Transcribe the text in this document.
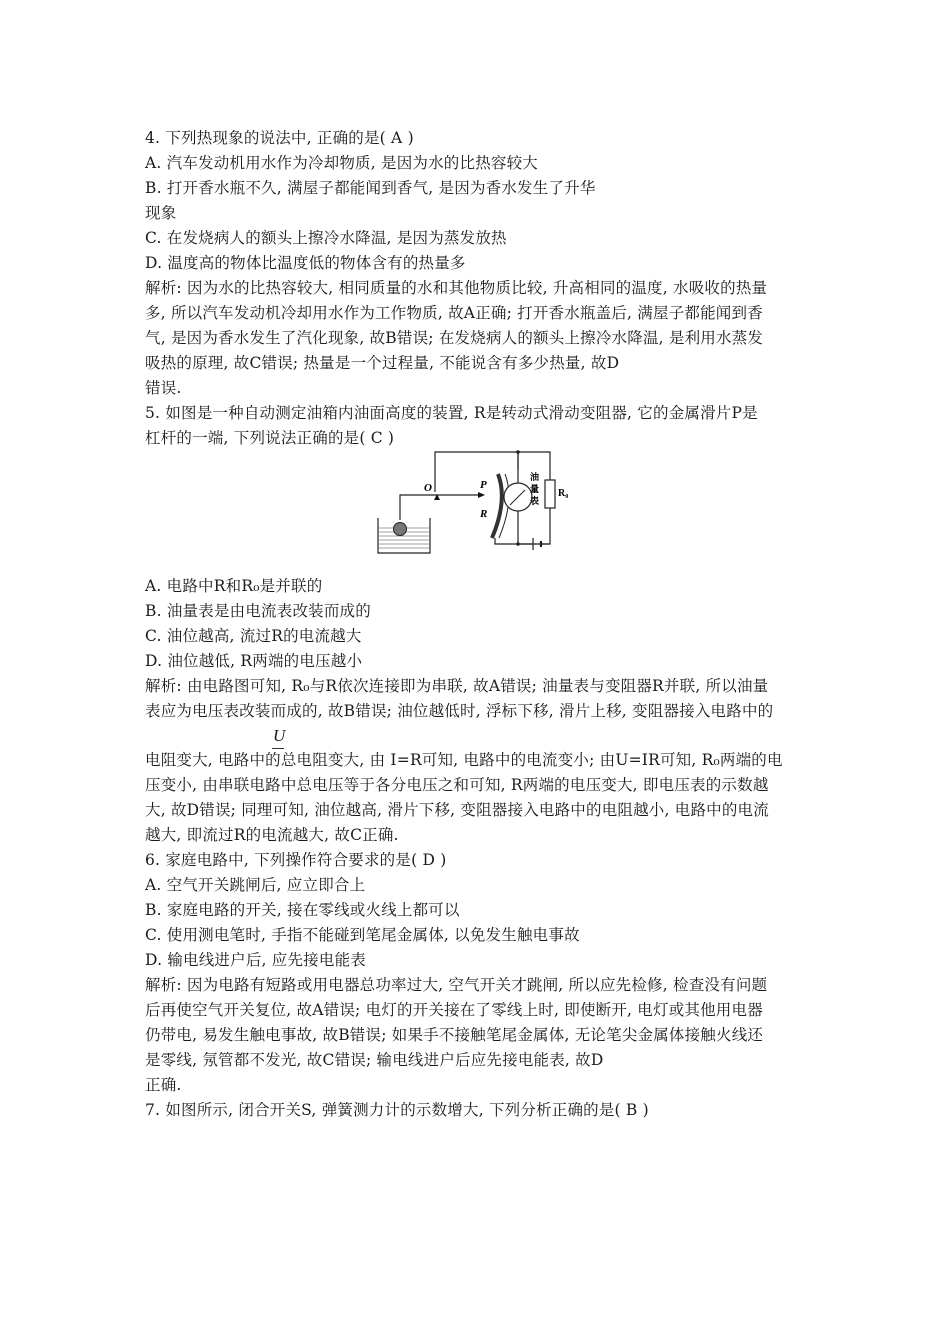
4. 下列热现象的说法中, 正确的是( A )
A. 汽车发动机用水作为冷却物质, 是因为水的比热容较大
B. 打开香水瓶不久, 满屋子都能闻到香气, 是因为香水发生了升华
现象
C. 在发烧病人的额头上擦冷水降温, 是因为蒸发放热
D. 温度高的物体比温度低的物体含有的热量多
解析: 因为水的比热容较大, 相同质量的水和其他物质比较, 升高相同的温度, 水吸收的热量
多, 所以汽车发动机冷却用水作为工作物质, 故A正确; 打开香水瓶盖后, 满屋子都能闻到香
气, 是因为香水发生了汽化现象, 故B错误; 在发烧病人的额头上擦冷水降温, 是利用水蒸发
吸热的原理, 故C错误; 热量是一个过程量, 不能说含有多少热量, 故D
错误.
5. 如图是一种自动测定油箱内油面高度的装置, R是转动式滑动变阻器, 它的金属滑片P是
杠杆的一端, 下列说法正确的是( C )
O	P
R
R₀
油
量
表
A. 电路中R和R₀是并联的
B. 油量表是由电流表改装而成的
C. 油位越高, 流过R的电流越大
D. 油位越低, R两端的电压越小
解析: 由电路图可知, R₀与R依次连接即为串联, 故A错误; 油量表与变阻器R并联, 所以油量
表应为电压表改装而成的, 故B错误; 油位越低时, 浮标下移, 滑片上移, 变阻器接入电路中的
U
电阻变大, 电路中的总电阻变大, 由 I=R可知, 电路中的电流变小; 由U=IR可知, R₀两端的电
压变小, 由串联电路中总电压等于各分电压之和可知, R两端的电压变大, 即电压表的示数越
大, 故D错误; 同理可知, 油位越高, 滑片下移, 变阻器接入电路中的电阻越小, 电路中的电流
越大, 即流过R的电流越大, 故C正确.
6. 家庭电路中, 下列操作符合要求的是( D )
A. 空气开关跳闸后, 应立即合上
B. 家庭电路的开关, 接在零线或火线上都可以
C. 使用测电笔时, 手指不能碰到笔尾金属体, 以免发生触电事故
D. 输电线进户后, 应先接电能表
解析: 因为电路有短路或用电器总功率过大, 空气开关才跳闸, 所以应先检修, 检查没有问题
后再使空气开关复位, 故A错误; 电灯的开关接在了零线上时, 即使断开, 电灯或其他用电器
仍带电, 易发生触电事故, 故B错误; 如果手不接触笔尾金属体, 无论笔尖金属体接触火线还
是零线, 氖管都不发光, 故C错误; 输电线进户后应先接电能表, 故D
正确.
7. 如图所示, 闭合开关S, 弹簧测力计的示数增大, 下列分析正确的是( B )
